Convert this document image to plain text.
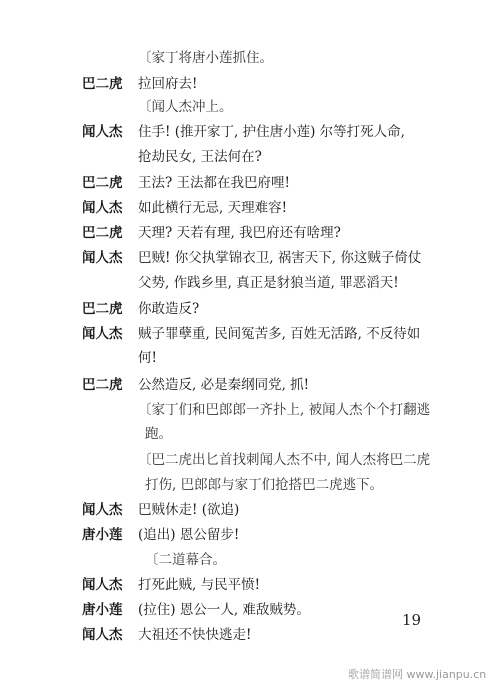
〔家丁将唐小莲抓住。
巴二虎 拉回府去!
〔闻人杰冲上。
闻人杰 住手! (推开家丁, 护住唐小莲) 尔等打死人命,
抢劫民女, 王法何在?
巴二虎 王法? 王法都在我巴府哩!
闻人杰 如此横行无忌, 天理难容!
巴二虎 天理? 天若有理, 我巴府还有啥理?
闻人杰 巴贼! 你父执掌锦衣卫, 祸害天下, 你这贼子倚仗
父势, 作践乡里, 真正是豺狼当道, 罪恶滔天!
巴二虎 你敢造反?
闻人杰 贼子罪孽重, 民间冤苦多, 百姓无活路, 不反待如
何!
巴二虎 公然造反, 必是秦纲同党, 抓!
〔家丁们和巴郎郎一齐扑上, 被闻人杰个个打翻逃
跑。
〔巴二虎出匕首找刺闻人杰不中, 闻人杰将巴二虎
打伤, 巴郎郎与家丁们抢搭巴二虎逃下。
闻人杰 巴贼休走! (欲追)
唐小莲 (追出) 恩公留步!
〔二道幕合。
闻人杰 打死此贼, 与民平愤!
唐小莲 (拉住) 恩公一人, 难敌贼势。
闻人杰 大祖还不快快逃走!
19
歌谱简谱网 www.jianpu.cn
